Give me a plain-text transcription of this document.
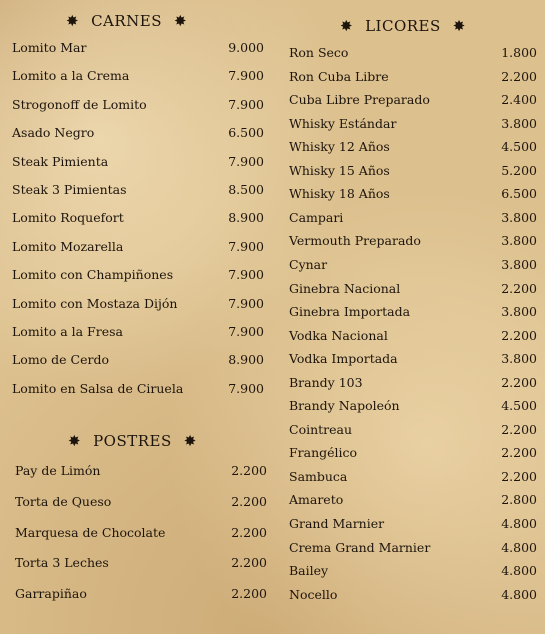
✸ CARNES ✸	✸ LICORES ✸
✸ POSTRES ✸
Lomito Mar	9.000
Lomito a la Crema	7.900
Strogonoff de Lomito	7.900
Asado Negro	6.500
Steak Pimienta	7.900
Steak 3 Pimientas	8.500
Lomito Roquefort	8.900
Lomito Mozarella	7.900
Lomito con Champiñones	7.900
Lomito con Mostaza Dijón	7.900
Lomito a la Fresa	7.900
Lomo de Cerdo	8.900
Lomito en Salsa de Ciruela	7.900
Pay de Limón	2.200
Torta de Queso	2.200
Marquesa de Chocolate	2.200
Torta 3 Leches	2.200
Garrapiñao	2.200
Ron Seco	1.800
Ron Cuba Libre	2.200
Cuba Libre Preparado	2.400
Whisky Estándar	3.800
Whisky 12 Años	4.500
Whisky 15 Años	5.200
Whisky 18 Años	6.500
Campari	3.800
Vermouth Preparado	3.800
Cynar	3.800
Ginebra Nacional	2.200
Ginebra Importada	3.800
Vodka Nacional	2.200
Vodka Importada	3.800
Brandy 103	2.200
Brandy Napoleón	4.500
Cointreau	2.200
Frangélico	2.200
Sambuca	2.200
Amareto	2.800
Grand Marnier	4.800
Crema Grand Marnier	4.800
Bailey	4.800
Nocello	4.800
